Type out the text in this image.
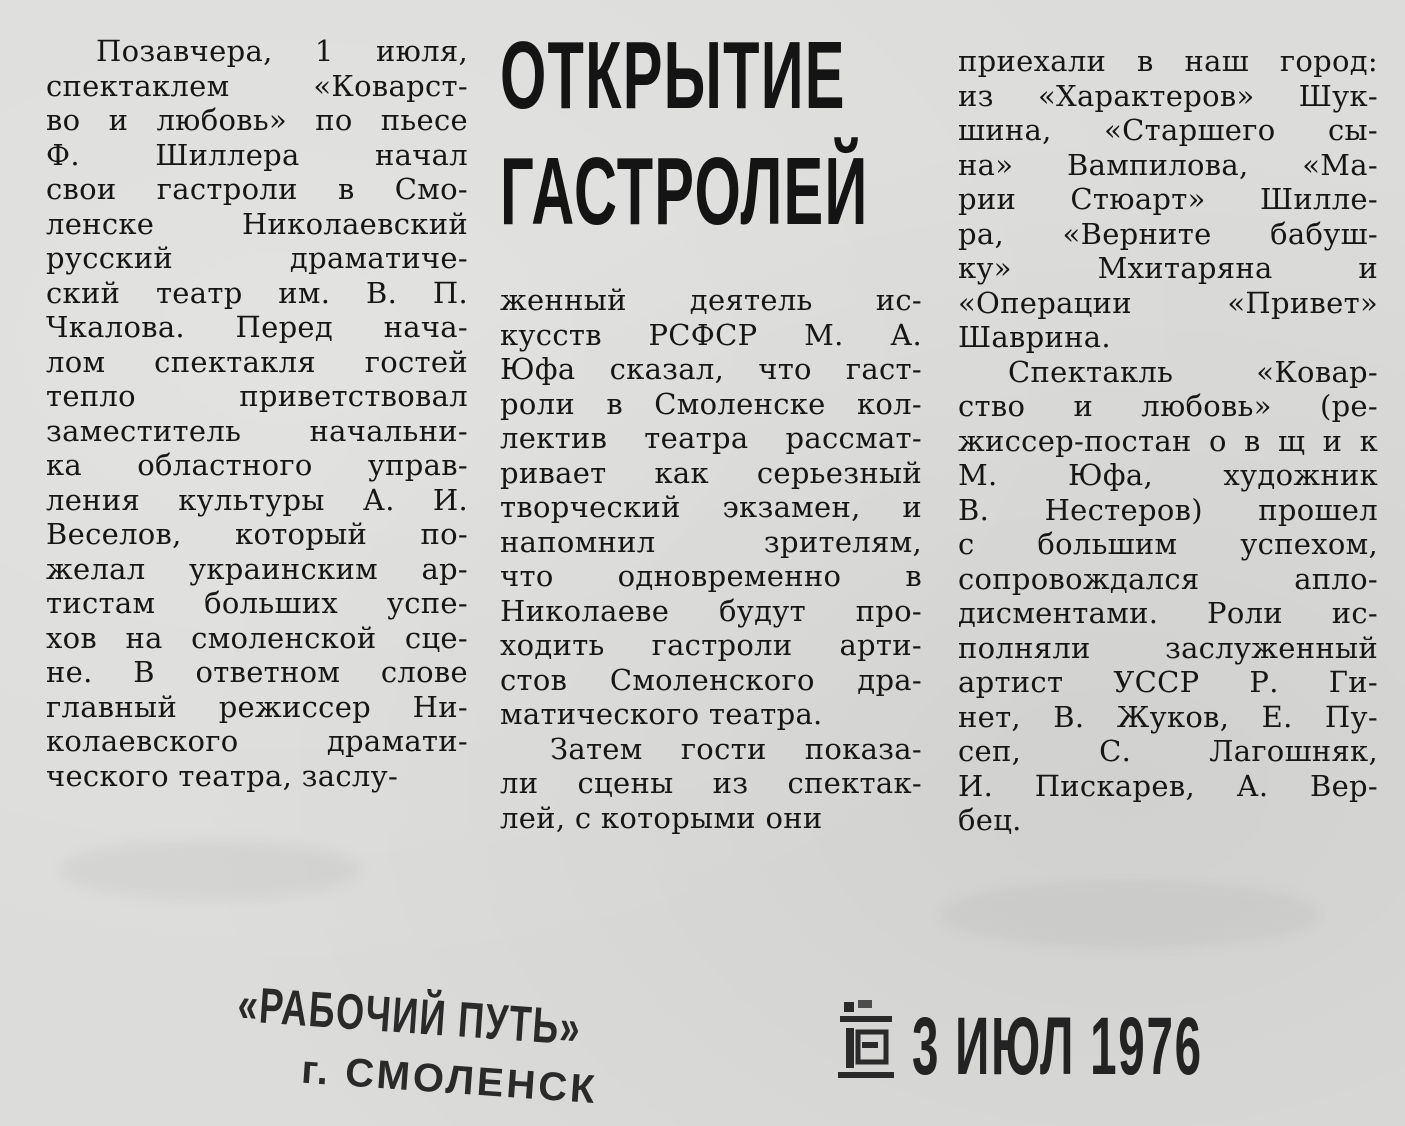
ОТКРЫТИЕ
ГАСТРОЛЕЙ
Позавчера, 1 июля,
спектаклем «Коварст-
во и любовь» по пьесе
Ф. Шиллера начал
свои гастроли в Смо-
ленске Николаевский
русский драматиче-
ский театр им. В. П.
Чкалова. Перед нача-
лом спектакля гостей
тепло приветствовал
заместитель начальни-
ка областного управ-
ления культуры А. И.
Веселов, который по-
желал украинским ар-
тистам больших успе-
хов на смоленской сце-
не. В ответном слове
главный режиссер Ни-
колаевского драмати-
ческого театра, заслу-
женный деятель ис-
кусств РСФСР М. А.
Юфа сказал, что гаст-
роли в Смоленске кол-
лектив театра рассмат-
ривает как серьезный
творческий экзамен, и
напомнил зрителям,
что одновременно в
Николаеве будут про-
ходить гастроли арти-
стов Смоленского дра-
матического театра.
Затем гости показа-
ли сцены из спектак-
лей, с которыми они
приехали в наш город:
из «Характеров» Шук-
шина, «Старшего сы-
на» Вампилова, «Ма-
рии Стюарт» Шилле-
ра, «Верните бабуш-
ку» Мхитаряна и
«Операции «Привет»
Шаврина.
Спектакль «Ковар-
ство и любовь» (ре-
жиссер-постан о в щ и к
М. Юфа, художник
В. Нестеров) прошел
с большим успехом,
сопровождался апло-
дисментами. Роли ис-
полняли заслуженный
артист УССР Р. Ги-
нет, В. Жуков, Е. Пу-
сеп, С. Лагошняк,
И. Пискарев, А. Вер-
бец.
«РАБОЧИЙ ПУТЬ»
г. СМОЛЕНСК	3 ИЮЛ 1976
